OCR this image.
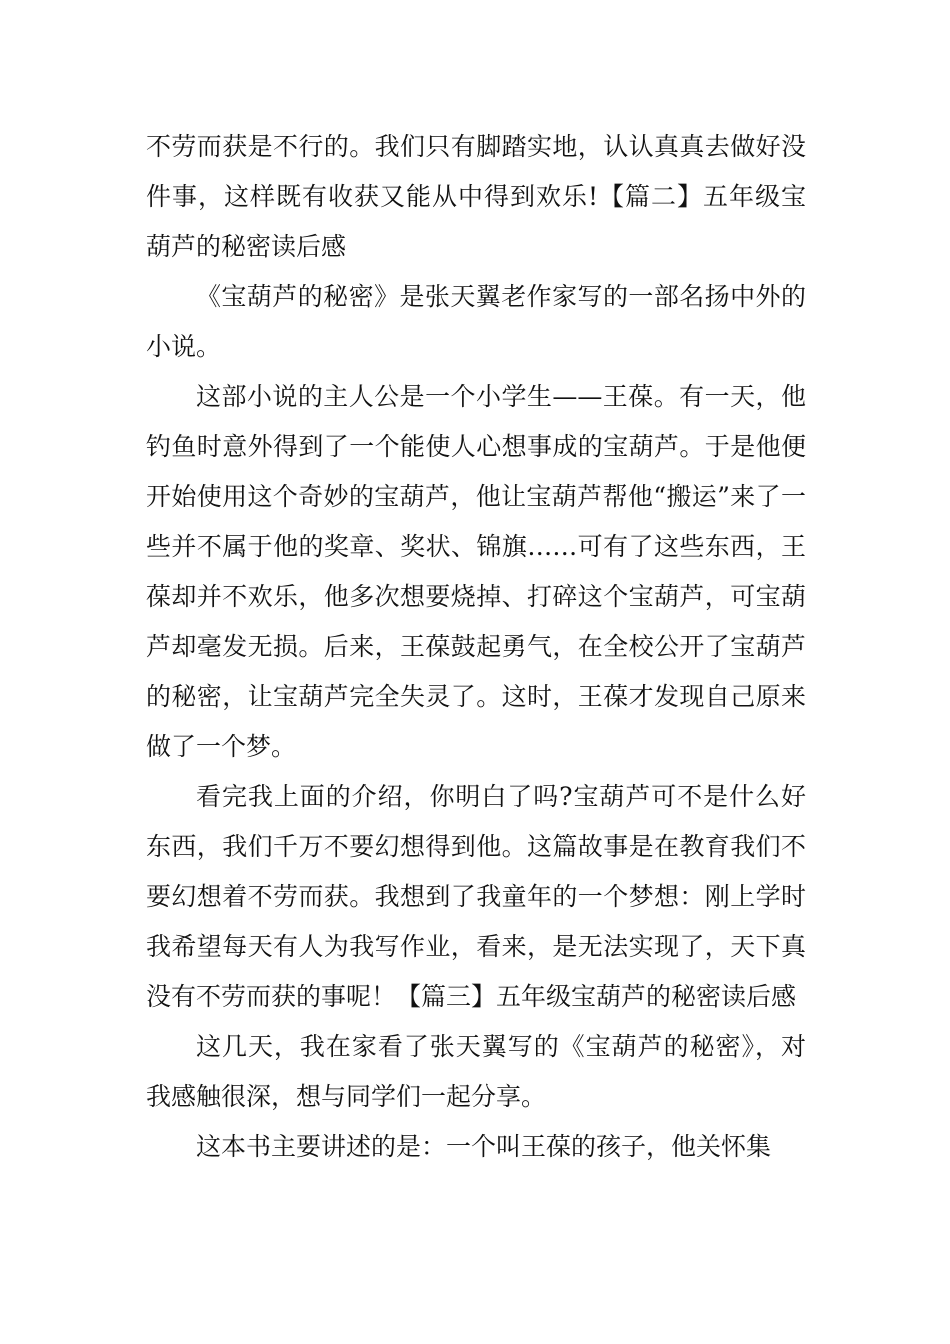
不劳而获是不行的。我们只有脚踏实地，认认真真去做好没件事，这样既有收获又能从中得到欢乐!【篇二】五年级宝葫芦的秘密读后感

《宝葫芦的秘密》是张天翼老作家写的一部名扬中外的小说。

这部小说的主人公是一个小学生——王葆。有一天，他钓鱼时意外得到了一个能使人心想事成的宝葫芦。于是他便开始使用这个奇妙的宝葫芦，他让宝葫芦帮他“搬运”来了一些并不属于他的奖章、奖状、锦旗……可有了这些东西，王葆却并不欢乐，他多次想要烧掉、打碎这个宝葫芦，可宝葫芦却毫发无损。后来，王葆鼓起勇气，在全校公开了宝葫芦的秘密，让宝葫芦完全失灵了。这时，王葆才发现自己原来做了一个梦。

看完我上面的介绍，你明白了吗?宝葫芦可不是什么好东西，我们千万不要幻想得到他。这篇故事是在教育我们不要幻想着不劳而获。我想到了我童年的一个梦想：刚上学时我希望每天有人为我写作业，看来，是无法实现了，天下真没有不劳而获的事呢！【篇三】五年级宝葫芦的秘密读后感

这几天，我在家看了张天翼写的《宝葫芦的秘密》，对我感触很深，想与同学们一起分享。

这本书主要讲述的是：一个叫王葆的孩子，他关怀集
